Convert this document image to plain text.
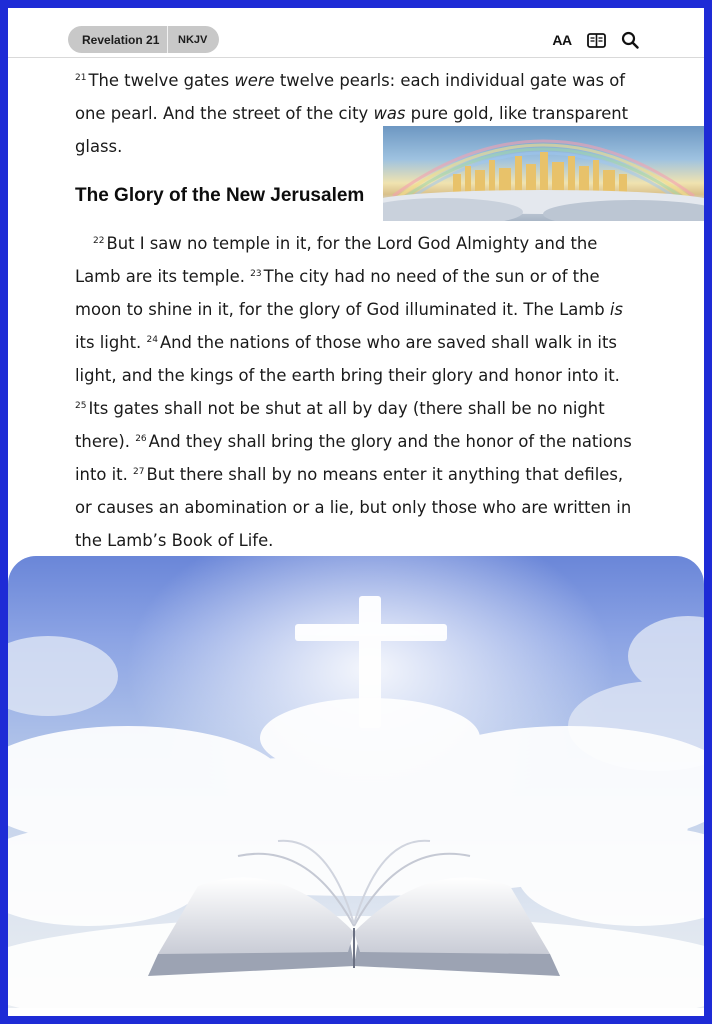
Revelation 21	NKJV	AA
$^{21}$ The twelve gates were twelve pearls: each individual gate was of one pearl. And the street of the city was pure gold, like transparent glass.
The Glory of the New Jerusalem
$^{22}$ But I saw no temple in it, for the Lord God Almighty and the Lamb are its temple. $^{23}$ The city had no need of the sun or of the moon to shine in it, for the glory of God illuminated it. The Lamb is its light. $^{24}$ And the nations of those who are saved shall walk in its light, and the kings of the earth bring their glory and honor into it. $^{25}$ Its gates shall not be shut at all by day (there shall be no night there). $^{26}$ And they shall bring the glory and the honor of the nations into it. $^{27}$ But there shall by no means enter it anything that defiles, or causes an abomination or a lie, but only those who are written in the Lamb’s Book of Life.
